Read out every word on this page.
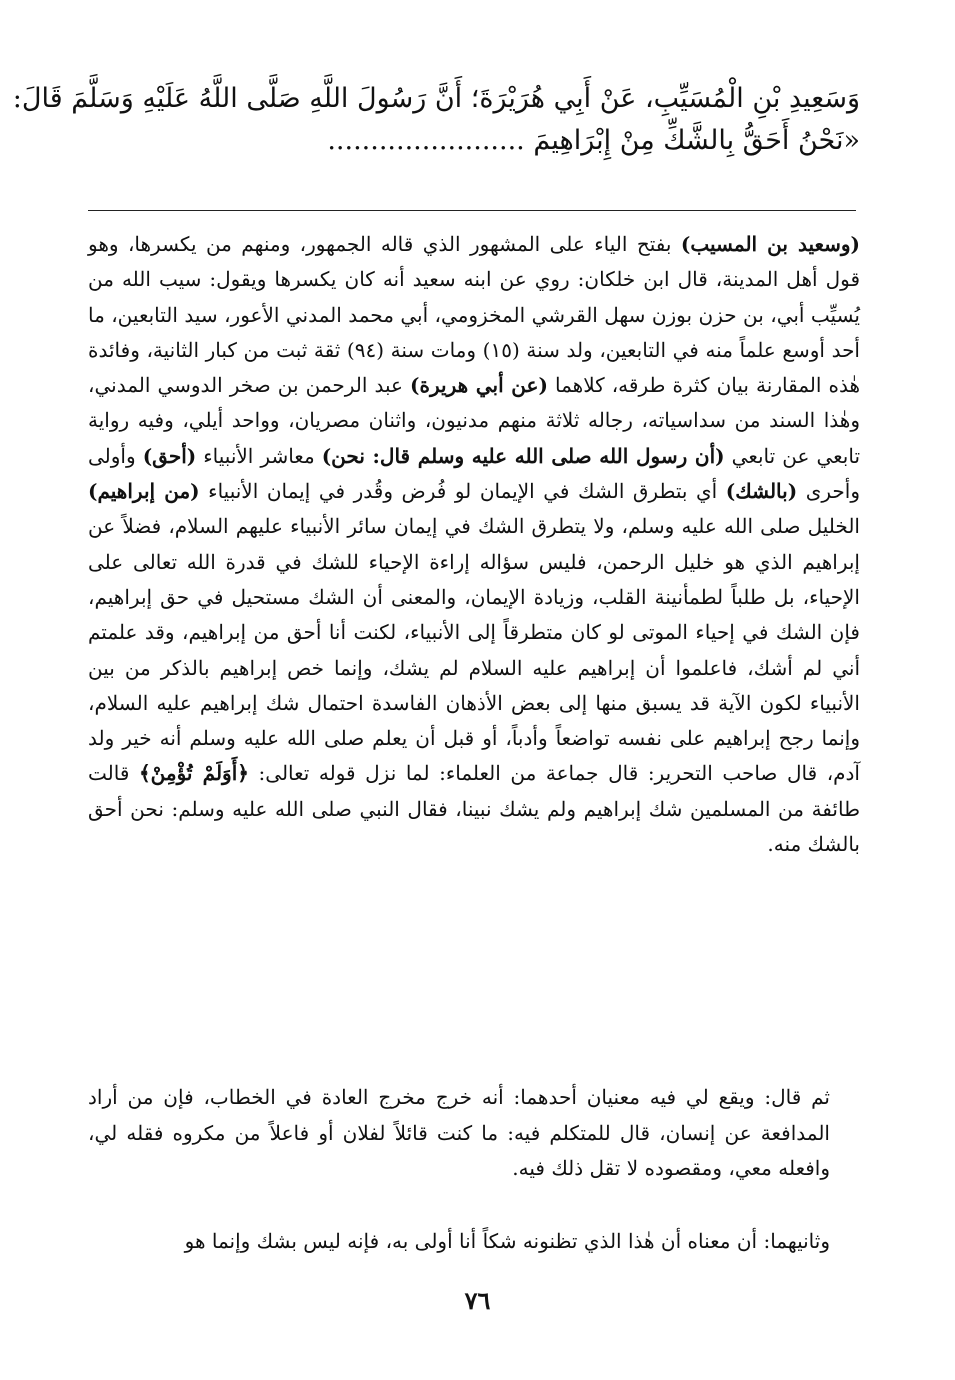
وَسَعِيدِ بْنِ الْمُسَيِّبِ، عَنْ أَبِي هُرَيْرَةَ؛ أَنَّ رَسُولَ اللَّهِ صَلَّى اللَّهُ عَلَيْهِ وَسَلَّمَ قَالَ:
«نَحْنُ أَحَقُّ بِالشَّكِّ مِنْ إِبْرَاهِيمَ .......................

(وسعيد بن المسيب) بفتح الياء على المشهور الذي قاله الجمهور، ومنهم من يكسرها، وهو قول أهل المدينة، قال ابن خلكان: روي عن ابنه سعيد أنه كان يكسرها ويقول: سيب الله من يُسيِّب أبي، بن حزن بوزن سهل القرشي المخزومي، أبي محمد المدني الأعور، سيد التابعين، ما أحد أوسع علماً منه في التابعين، ولد سنة (١٥) ومات سنة (٩٤) ثقة ثبت من كبار الثانية، وفائدة هٰذه المقارنة بيان كثرة طرقه، كلاهما (عن أبي هريرة) عبد الرحمن بن صخر الدوسي المدني، وهٰذا السند من سداسياته، رجاله ثلاثة منهم مدنيون، واثنان مصريان، وواحد أيلي، وفيه رواية تابعي عن تابعي (أن رسول الله صلى الله عليه وسلم قال: نحن) معاشر الأنبياء (أحق) وأولى وأحرى (بالشك) أي بتطرق الشك في الإيمان لو فُرض وقُدر في إيمان الأنبياء (من إبراهيم) الخليل صلى الله عليه وسلم، ولا يتطرق الشك في إيمان سائر الأنبياء عليهم السلام، فضلاً عن إبراهيم الذي هو خليل الرحمن، فليس سؤاله إراءة الإحياء للشك في قدرة الله تعالى على الإحياء، بل طلباً لطمأنينة القلب، وزيادة الإيمان، والمعنى أن الشك مستحيل في حق إبراهيم، فإن الشك في إحياء الموتى لو كان متطرقاً إلى الأنبياء، لكنت أنا أحق من إبراهيم، وقد علمتم أني لم أشك، فاعلموا أن إبراهيم عليه السلام لم يشك، وإنما خص إبراهيم بالذكر من بين الأنبياء لكون الآية قد يسبق منها إلى بعض الأذهان الفاسدة احتمال شك إبراهيم عليه السلام، وإنما رجح إبراهيم على نفسه تواضعاً وأدباً، أو قبل أن يعلم صلى الله عليه وسلم أنه خير ولد آدم، قال صاحب التحرير: قال جماعة من العلماء: لما نزل قوله تعالى: ﴿أَوَلَمْ تُؤْمِنْ﴾ قالت طائفة من المسلمين شك إبراهيم ولم يشك نبينا، فقال النبي صلى الله عليه وسلم: نحن أحق بالشك منه.

ثم قال: ويقع لي فيه معنيان أحدهما: أنه خرج مخرج العادة في الخطاب، فإن من أراد المدافعة عن إنسان، قال للمتكلم فيه: ما كنت قائلاً لفلان أو فاعلاً من مكروه فقله لي، وافعله معي، ومقصوده لا تقل ذلك فيه.

وثانيهما: أن معناه أن هٰذا الذي تظنونه شكاً أنا أولى به، فإنه ليس بشك وإنما هو

٧٦
